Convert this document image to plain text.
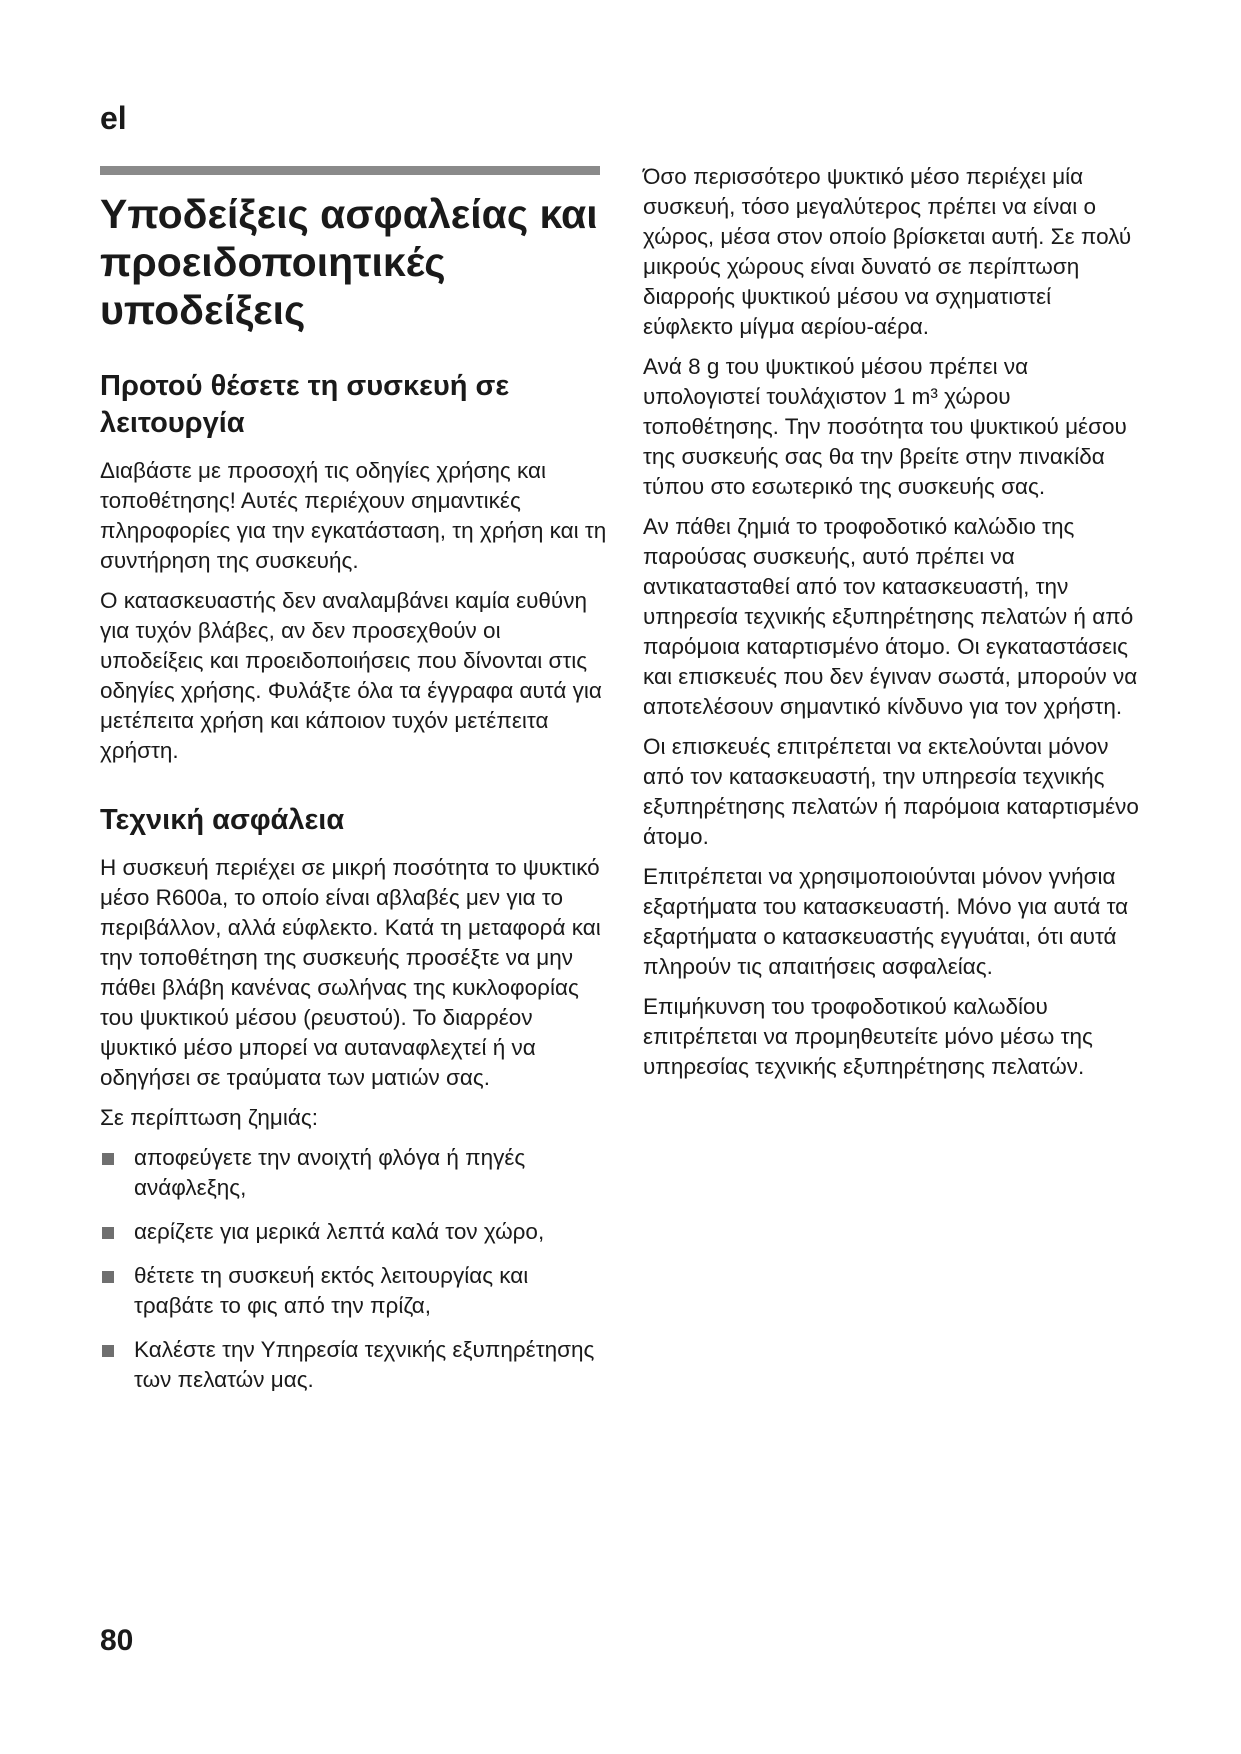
el
Υποδείξεις ασφαλείας και προειδοποιητικές υποδείξεις
Προτού θέσετε τη συσκευή σε λειτουργία

Διαβάστε με προσοχή τις οδηγίες χρήσης και τοποθέτησης! Αυτές περιέχουν σημαντικές πληροφορίες για την εγκατάσταση, τη χρήση και τη συντήρηση της συσκευής.

Ο κατασκευαστής δεν αναλαμβάνει καμία ευθύνη για τυχόν βλάβες, αν δεν προσεχθούν οι υποδείξεις και προειδοποιήσεις που δίνονται στις οδηγίες χρήσης. Φυλάξτε όλα τα έγγραφα αυτά για μετέπειτα χρήση και κάποιον τυχόν μετέπειτα χρήστη.

Τεχνική ασφάλεια

Η συσκευή περιέχει σε μικρή ποσότητα το ψυκτικό μέσο R600a, το οποίο είναι αβλαβές μεν για το περιβάλλον, αλλά εύφλεκτο. Κατά τη μεταφορά και την τοποθέτηση της συσκευής προσέξτε να μην πάθει βλάβη κανένας σωλήνας της κυκλοφορίας του ψυκτικού μέσου (ρευστού). Το διαρρέον ψυκτικό μέσο μπορεί να αυταναφλεχτεί ή να οδηγήσει σε τραύματα των ματιών σας.

Σε περίπτωση ζημιάς:

αποφεύγετε την ανοιχτή φλόγα ή πηγές ανάφλεξης,
αερίζετε για μερικά λεπτά καλά τον χώρο,
θέτετε τη συσκευή εκτός λειτουργίας και τραβάτε το φις από την πρίζα,
Καλέστε την Υπηρεσία τεχνικής εξυπηρέτησης των πελατών μας.

Όσο περισσότερο ψυκτικό μέσο περιέχει μία συσκευή, τόσο μεγαλύτερος πρέπει να είναι ο χώρος, μέσα στον οποίο βρίσκεται αυτή. Σε πολύ μικρούς χώρους είναι δυνατό σε περίπτωση διαρροής ψυκτικού μέσου να σχηματιστεί εύφλεκτο μίγμα αερίου-αέρα.

Ανά 8 g του ψυκτικού μέσου πρέπει να υπολογιστεί τουλάχιστον 1 m³ χώρου τοποθέτησης. Την ποσότητα του ψυκτικού μέσου της συσκευής σας θα την βρείτε στην πινακίδα τύπου στο εσωτερικό της συσκευής σας.

Αν πάθει ζημιά το τροφοδοτικό καλώδιο της παρούσας συσκευής, αυτό πρέπει να αντικατασταθεί από τον κατασκευαστή, την υπηρεσία τεχνικής εξυπηρέτησης πελατών ή από παρόμοια καταρτισμένο άτομο. Οι εγκαταστάσεις και επισκευές που δεν έγιναν σωστά, μπορούν να αποτελέσουν σημαντικό κίνδυνο για τον χρήστη.

Οι επισκευές επιτρέπεται να εκτελούνται μόνον από τον κατασκευαστή, την υπηρεσία τεχνικής εξυπηρέτησης πελατών ή παρόμοια καταρτισμένο άτομο.

Επιτρέπεται να χρησιμοποιούνται μόνον γνήσια εξαρτήματα του κατασκευαστή. Μόνο για αυτά τα εξαρτήματα ο κατασκευαστής εγγυάται, ότι αυτά πληρούν τις απαιτήσεις ασφαλείας.

Επιμήκυνση του τροφοδοτικού καλωδίου επιτρέπεται να προμηθευτείτε μόνο μέσω της υπηρεσίας τεχνικής εξυπηρέτησης πελατών.

80
